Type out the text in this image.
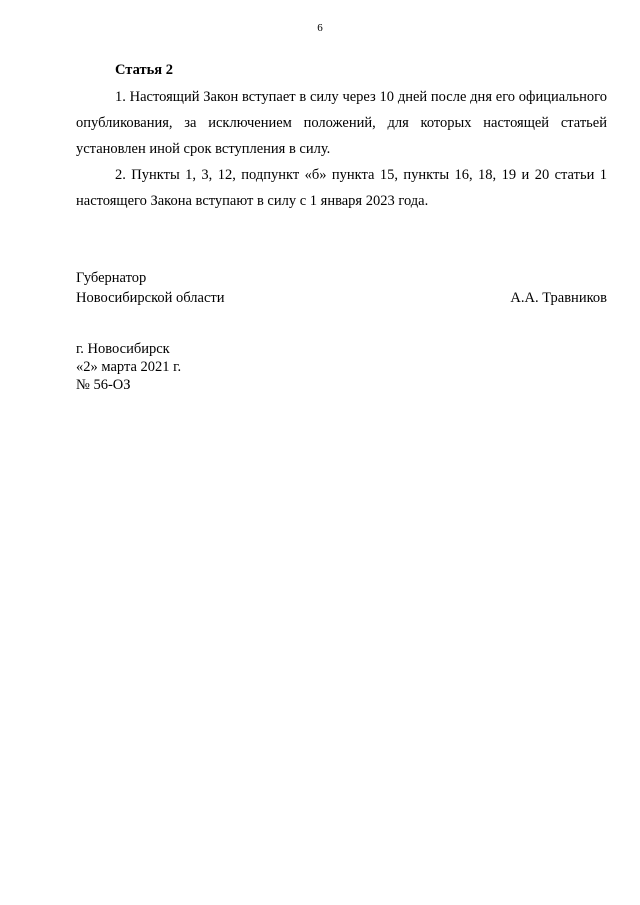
6
Статья 2

1. Настоящий Закон вступает в силу через 10 дней после дня его официального опубликования, за исключением положений, для которых настоящей статьей установлен иной срок вступления в силу.

2. Пункты 1, 3, 12, подпункт «б» пункта 15, пункты 16, 18, 19 и 20 статьи 1 настоящего Закона вступают в силу с 1 января 2023 года.

Губернатор
Новосибирской области	А.А. Травников
г. Новосибирск
«2» марта 2021 г.
№ 56-ОЗ
